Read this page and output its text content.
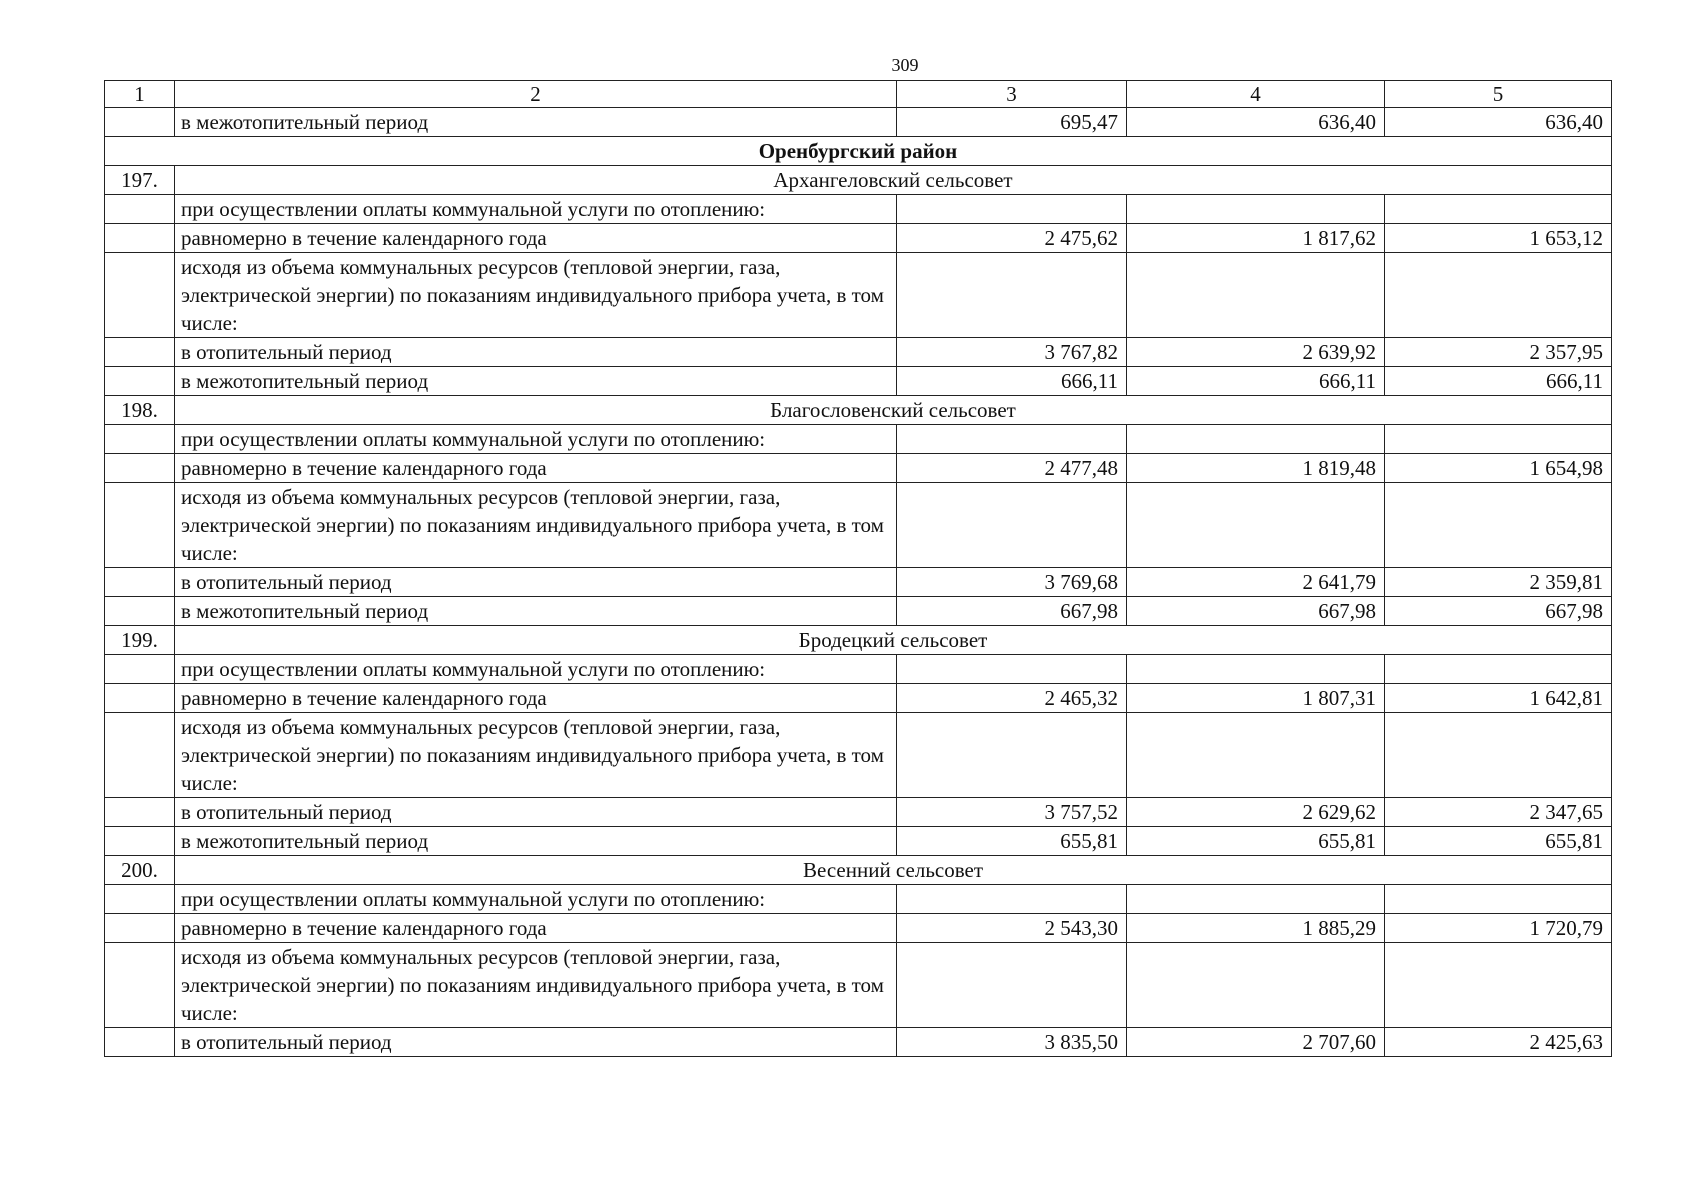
309
1	2	3	4	5
	в межотопительный период	695,47	636,40	636,40
Оренбургский район				
197.	Архангеловский сельсовет			
	при осуществлении оплаты коммунальной услуги по отоплению:			
	равномерно в течение календарного года	2 475,62	1 817,62	1 653,12
	исходя из объема коммунальных ресурсов (тепловой энергии, газа, электрической энергии) по показаниям индивидуального прибора учета, в том числе:			
	в отопительный период	3 767,82	2 639,92	2 357,95
	в межотопительный период	666,11	666,11	666,11
198.	Благословенский сельсовет			
	при осуществлении оплаты коммунальной услуги по отоплению:			
	равномерно в течение календарного года	2 477,48	1 819,48	1 654,98
	исходя из объема коммунальных ресурсов (тепловой энергии, газа, электрической энергии) по показаниям индивидуального прибора учета, в том числе:			
	в отопительный период	3 769,68	2 641,79	2 359,81
	в межотопительный период	667,98	667,98	667,98
199.	Бродецкий сельсовет			
	при осуществлении оплаты коммунальной услуги по отоплению:			
	равномерно в течение календарного года	2 465,32	1 807,31	1 642,81
	исходя из объема коммунальных ресурсов (тепловой энергии, газа, электрической энергии) по показаниям индивидуального прибора учета, в том числе:			
	в отопительный период	3 757,52	2 629,62	2 347,65
	в межотопительный период	655,81	655,81	655,81
200.	Весенний сельсовет			
	при осуществлении оплаты коммунальной услуги по отоплению:			
	равномерно в течение календарного года	2 543,30	1 885,29	1 720,79
	исходя из объема коммунальных ресурсов (тепловой энергии, газа, электрической энергии) по показаниям индивидуального прибора учета, в том числе:			
	в отопительный период	3 835,50	2 707,60	2 425,63
